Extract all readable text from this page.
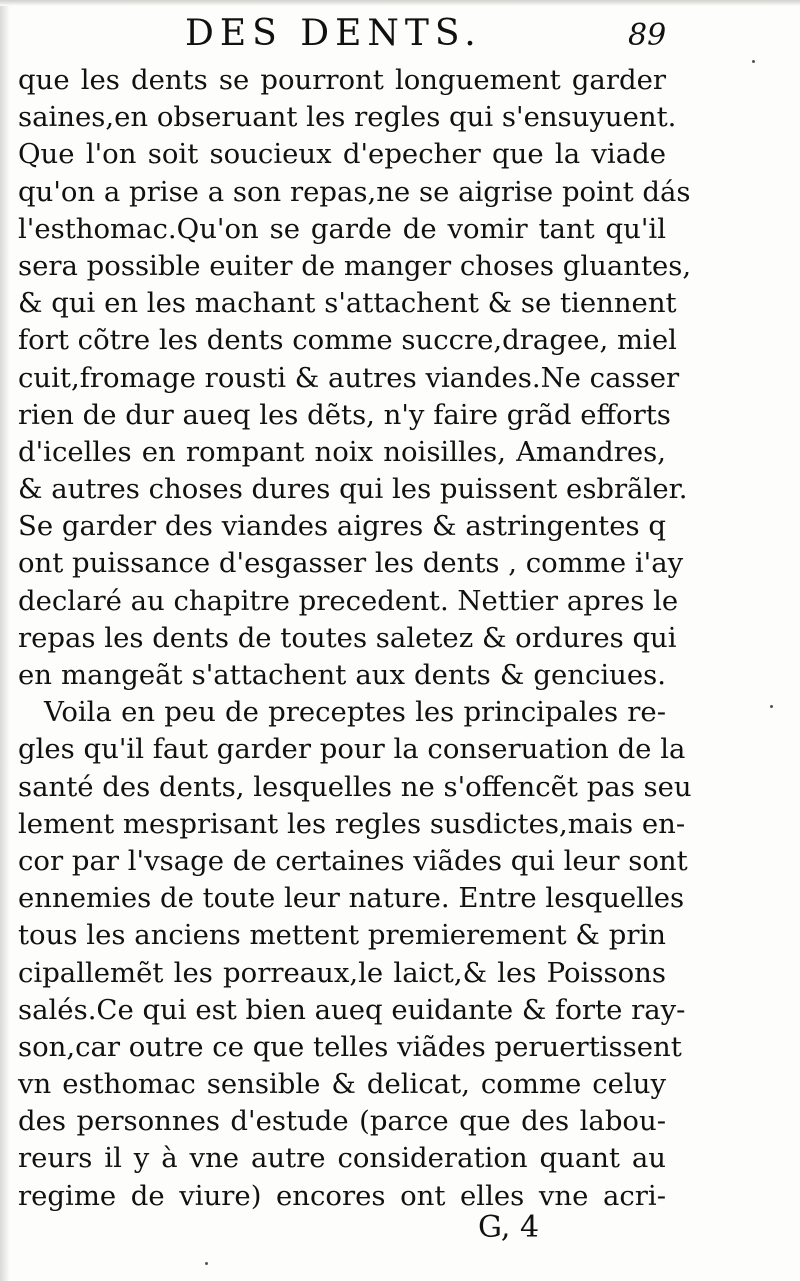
DES DENTS.	89
que les dents se pourront longuement garder
saines,en obseruant les regles qui s'ensuyuent.
Que l'on soit soucieux d'epecher que la viade
qu'on a prise a son repas,ne se aigrise point dás
l'esthomac.Qu'on se garde de vomir tant qu'il
sera possible euiter de manger choses gluantes,
& qui en les machant s'attachent & se tiennent
fort cõtre les dents comme succre,dragee, miel
cuit,fromage rousti & autres viandes.Ne casser
rien de dur aueq les dẽts, n'y faire grãd efforts
d'icelles en rompant noix noisilles, Amandres,
& autres choses dures qui les puissent esbrãler.
Se garder des viandes aigres & astringentes q
ont puissance d'esgasser les dents , comme i'ay
declaré au chapitre precedent. Nettier apres le
repas les dents de toutes saletez & ordures qui
en mangeãt s'attachent aux dents & genciues.
Voila en peu de preceptes les principales re-
gles qu'il faut garder pour la conseruation de la
santé des dents, lesquelles ne s'offencẽt pas seu
lement mesprisant les regles susdictes,mais en-
cor par l'vsage de certaines viãdes qui leur sont
ennemies de toute leur nature. Entre lesquelles
tous les anciens mettent premierement & prin
cipallemẽt les porreaux,le laict,& les Poissons
salés.Ce qui est bien aueq euidante & forte ray-
son,car outre ce que telles viãdes peruertissent
vn esthomac sensible & delicat, comme celuy
des personnes d'estude (parce que des labou-
reurs il y à vne autre consideration quant au
regime de viure) encores ont elles vne acri-
G, 4
